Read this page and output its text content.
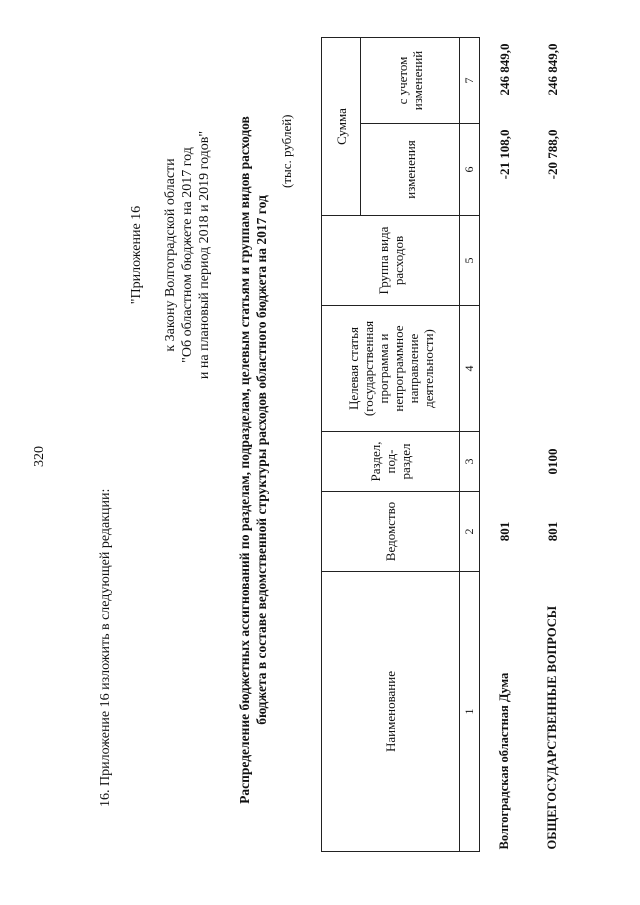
320
16. Приложение 16 изложить в следующей редакции:
"Приложение 16 к Закону Волгоградской области "Об областном бюджете на 2017 год и на плановый период 2018 и 2019 годов" Распределение бюджетных ассигнований по разделам, подразделам, целевым статьям и группам видов расходов бюджета в составе ведомственной структуры расходов областного бюджета на 2017 год
(тыс. рублей)
Наименование	Ведомство	Раздел, под-раздел	Целевая статья (государственная программа и непрограммное направление деятельности)	Группа вида расходов	Сумма	
					изменения	с учетом изменений
1	2	3	4	5	6	7
Волгоградская областная Дума	801				-21 108,0	246 849,0
ОБЩЕГОСУДАРСТВЕННЫЕ ВОПРОСЫ	801	0100			-20 788,0	246 849,0
